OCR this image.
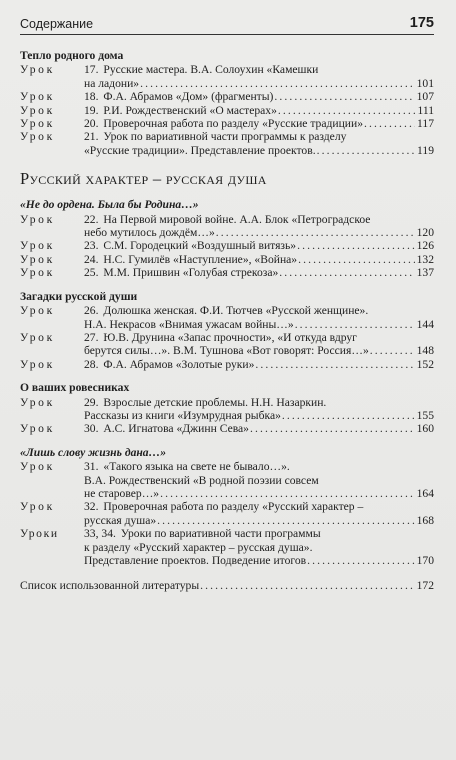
Содержание	175
Тепло родного дома
Урок	17. Русские мастера. В.А. Солоухин «Камешки
на ладони» . . .	101
Урок	18. Ф.А. Абрамов «Дом» (фрагменты) . . .	107
Урок	19. Р.И. Рождественский «О мастерах» . . .	111
Урок	20. Проверочная работа по разделу «Русские традиции» . . .	117
Урок	21. Урок по вариативной части программы к разделу
«Русские традиции». Представление проектов. . . .	119
Русский характер – русская душа
«Не до ордена. Была бы Родина…»
Урок	22. На Первой мировой войне. А.А. Блок «Петроградское
небо мутилось дождём…» . . .	120
Урок	23. С.М. Городецкий «Воздушный витязь» . . .	126
Урок	24. Н.С. Гумилёв «Наступление», «Война» . . .	132
Урок	25. М.М. Пришвин «Голубая стрекоза» . . .	137
Загадки русской души
Урок	26. Долюшка женская. Ф.И. Тютчев «Русской женщине».
Н.А. Некрасов «Внимая ужасам войны…» . . .	144
Урок	27. Ю.В. Друнина «Запас прочности», «И откуда вдруг
берутся силы…». В.М. Тушнова «Вот говорят: Россия…» . . .	148
Урок	28. Ф.А. Абрамов «Золотые руки» . . .	152
О ваших ровесниках
Урок	29. Взрослые детские проблемы. Н.Н. Назаркин.
Рассказы из книги «Изумрудная рыбка» . . .	155
Урок	30. А.С. Игнатова «Джинн Сева» . . .	160
«Лишь слову жизнь дана…»
Урок	31. «Такого языка на свете не бывало…».
В.А. Рождественский «В родной поэзии совсем
не старовер…» . . .	164
Урок	32. Проверочная работа по разделу «Русский характер –
русская душа» . . .	168
Уроки 33, 34. Уроки по вариативной части программы
к разделу «Русский характер – русская душа».
Представление проектов. Подведение итогов . . .	170
Список использованной литературы . . .	172
